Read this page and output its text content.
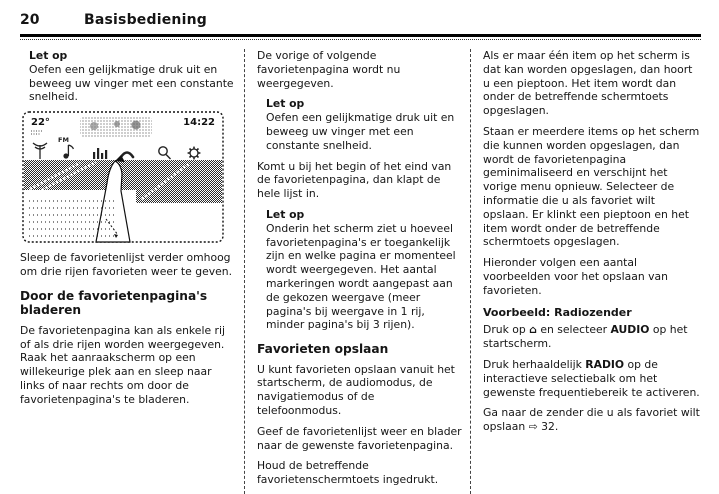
20	Basisbediening
Let op
Oefen een gelijkmatige druk uit en beweeg uw vinger met een constante snelheid.
22°	14:22
FM

Sleep de favorietenlijst verder omhoog om drie rijen favorieten weer te geven.

Door de favorietenpagina's bladeren

De favorietenpagina kan als enkele rij of als drie rijen worden weergegeven. Raak het aanraakscherm op een willekeurige plek aan en sleep naar links of naar rechts om door de favorietenpagina's te bladeren.

De vorige of volgende favorietenpagina wordt nu weergegeven.

Let op
Oefen een gelijkmatige druk uit en beweeg uw vinger met een constante snelheid.

Komt u bij het begin of het eind van de favorietenpagina, dan klapt de hele lijst in.

Let op
Onderin het scherm ziet u hoeveel favorietenpagina's er toegankelijk zijn en welke pagina er momenteel wordt weergegeven. Het aantal markeringen wordt aangepast aan de gekozen weergave (meer pagina's bij weergave in 1 rij, minder pagina's bij 3 rijen).
Favorieten opslaan

U kunt favorieten opslaan vanuit het startscherm, de audiomodus, de navigatiemodus of de telefoonmodus.

Geef de favorietenlijst weer en blader naar de gewenste favorietenpagina.

Houd de betreffende favorietenschermtoets ingedrukt.

Als er maar één item op het scherm is dat kan worden opgeslagen, dan hoort u een pieptoon. Het item wordt dan onder de betreffende schermtoets opgeslagen.

Staan er meerdere items op het scherm die kunnen worden opgeslagen, dan wordt de favorietenpagina geminimaliseerd en verschijnt het vorige menu opnieuw. Selecteer de informatie die u als favoriet wilt opslaan. Er klinkt een pieptoon en het item wordt onder de betreffende schermtoets opgeslagen.

Hieronder volgen een aantal voorbeelden voor het opslaan van favorieten.

Voorbeeld: Radiozender

Druk op ⌂ en selecteer AUDIO op het startscherm.

Druk herhaaldelijk RADIO op de interactieve selectiebalk om het gewenste frequentiebereik te activeren.

Ga naar de zender die u als favoriet wilt opslaan ⇨ 32.
